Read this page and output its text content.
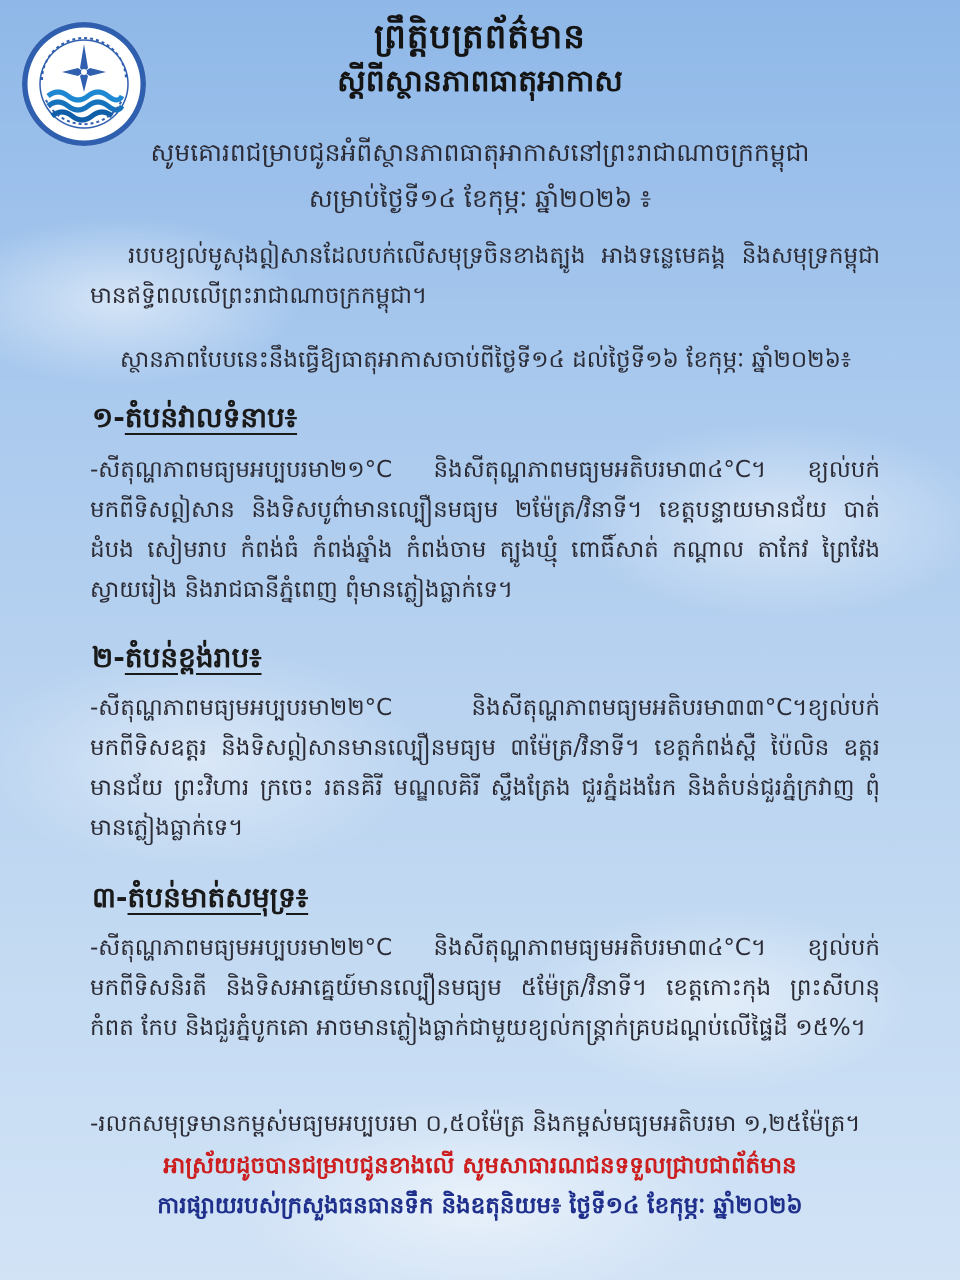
ព្រឹត្តិបត្រព័ត៌មាន
ស្តីពីស្ថានភាពធាតុអាកាស
សូមគោរពជម្រាបជូនអំពីស្ថានភាពធាតុអាកាសនៅព្រះរាជាណាចក្រកម្ពុជា
សម្រាប់ថ្ងៃទី១៤ ខែកុម្ភៈ ឆ្នាំ២០២៦ ៖
របបខ្យល់មូសុងឦសានដែលបក់លើសមុទ្រចិនខាងត្បូង អាងទន្លេមេគង្គ និងសមុទ្រកម្ពុជាមានឥទ្ធិពលលើព្រះរាជាណាចក្រកម្ពុជា។
ស្ថានភាពបែបនេះនឹងធ្វើឱ្យធាតុអាកាសចាប់ពីថ្ងៃទី១៤ ដល់ថ្ងៃទី១៦ ខែកុម្ភៈ ឆ្នាំ២០២៦៖
១-តំបន់វាលទំនាប៖
-សីតុណ្ហភាពមធ្យមអប្បបរមា២១°C និងសីតុណ្ហភាពមធ្យមអតិបរមា៣៤°C។ ខ្យល់បក់មកពីទិសឦសាន និងទិសបូព៌ាមានល្បឿនមធ្យម ២ម៉ែត្រ/វិនាទី។ ខេត្តបន្ទាយមានជ័យ បាត់ដំបង សៀមរាប កំពង់ធំ កំពង់ឆ្នាំង កំពង់ចាម ត្បូងឃ្មុំ ពោធិ៍សាត់ កណ្តាល តាកែវ ព្រៃវែង ស្វាយរៀង និងរាជធានីភ្នំពេញ ពុំមានភ្លៀងធ្លាក់ទេ។
២-តំបន់ខ្ពង់រាប៖
-សីតុណ្ហភាពមធ្យមអប្បបរមា២២°C និងសីតុណ្ហភាពមធ្យមអតិបរមា៣៣°C។ខ្យល់បក់មកពីទិសឧត្តរ និងទិសឦសានមានល្បឿនមធ្យម ៣ម៉ែត្រ/វិនាទី។ ខេត្តកំពង់ស្ពឺ ប៉ៃលិន ឧត្តរមានជ័យ ព្រះវិហារ ក្រចេះ រតនគិរី មណ្ឌលគិរី ស្ទឹងត្រែង ជួរភ្នំដងរែក និងតំបន់ជួរភ្នំក្រវាញ ពុំមានភ្លៀងធ្លាក់ទេ។
៣-តំបន់មាត់សមុទ្រ៖
-សីតុណ្ហភាពមធ្យមអប្បបរមា២២°C និងសីតុណ្ហភាពមធ្យមអតិបរមា៣៤°C។ ខ្យល់បក់មកពីទិសនិរតី និងទិសអាគ្នេយ៍មានល្បឿនមធ្យម ៥ម៉ែត្រ/វិនាទី។ ខេត្តកោះកុង ព្រះសីហនុ កំពត កែប និងជួរភ្នំបូកគោ អាចមានភ្លៀងធ្លាក់ជាមួយខ្យល់កន្ត្រាក់គ្របដណ្តប់លើផ្ទៃដី ១៥%។
-រលកសមុទ្រមានកម្ពស់មធ្យមអប្បបរមា ០,៥០ម៉ែត្រ និងកម្ពស់មធ្យមអតិបរមា ១,២៥ម៉ែត្រ។
អាស្រ័យដូចបានជម្រាបជូនខាងលើ សូមសាធារណជនទទួលជ្រាបជាព័ត៌មាន
ការផ្សាយរបស់ក្រសួងធនធានទឹក និងឧតុនិយម៖ ថ្ងៃទី១៤ ខែកុម្ភៈ ឆ្នាំ២០២៦
